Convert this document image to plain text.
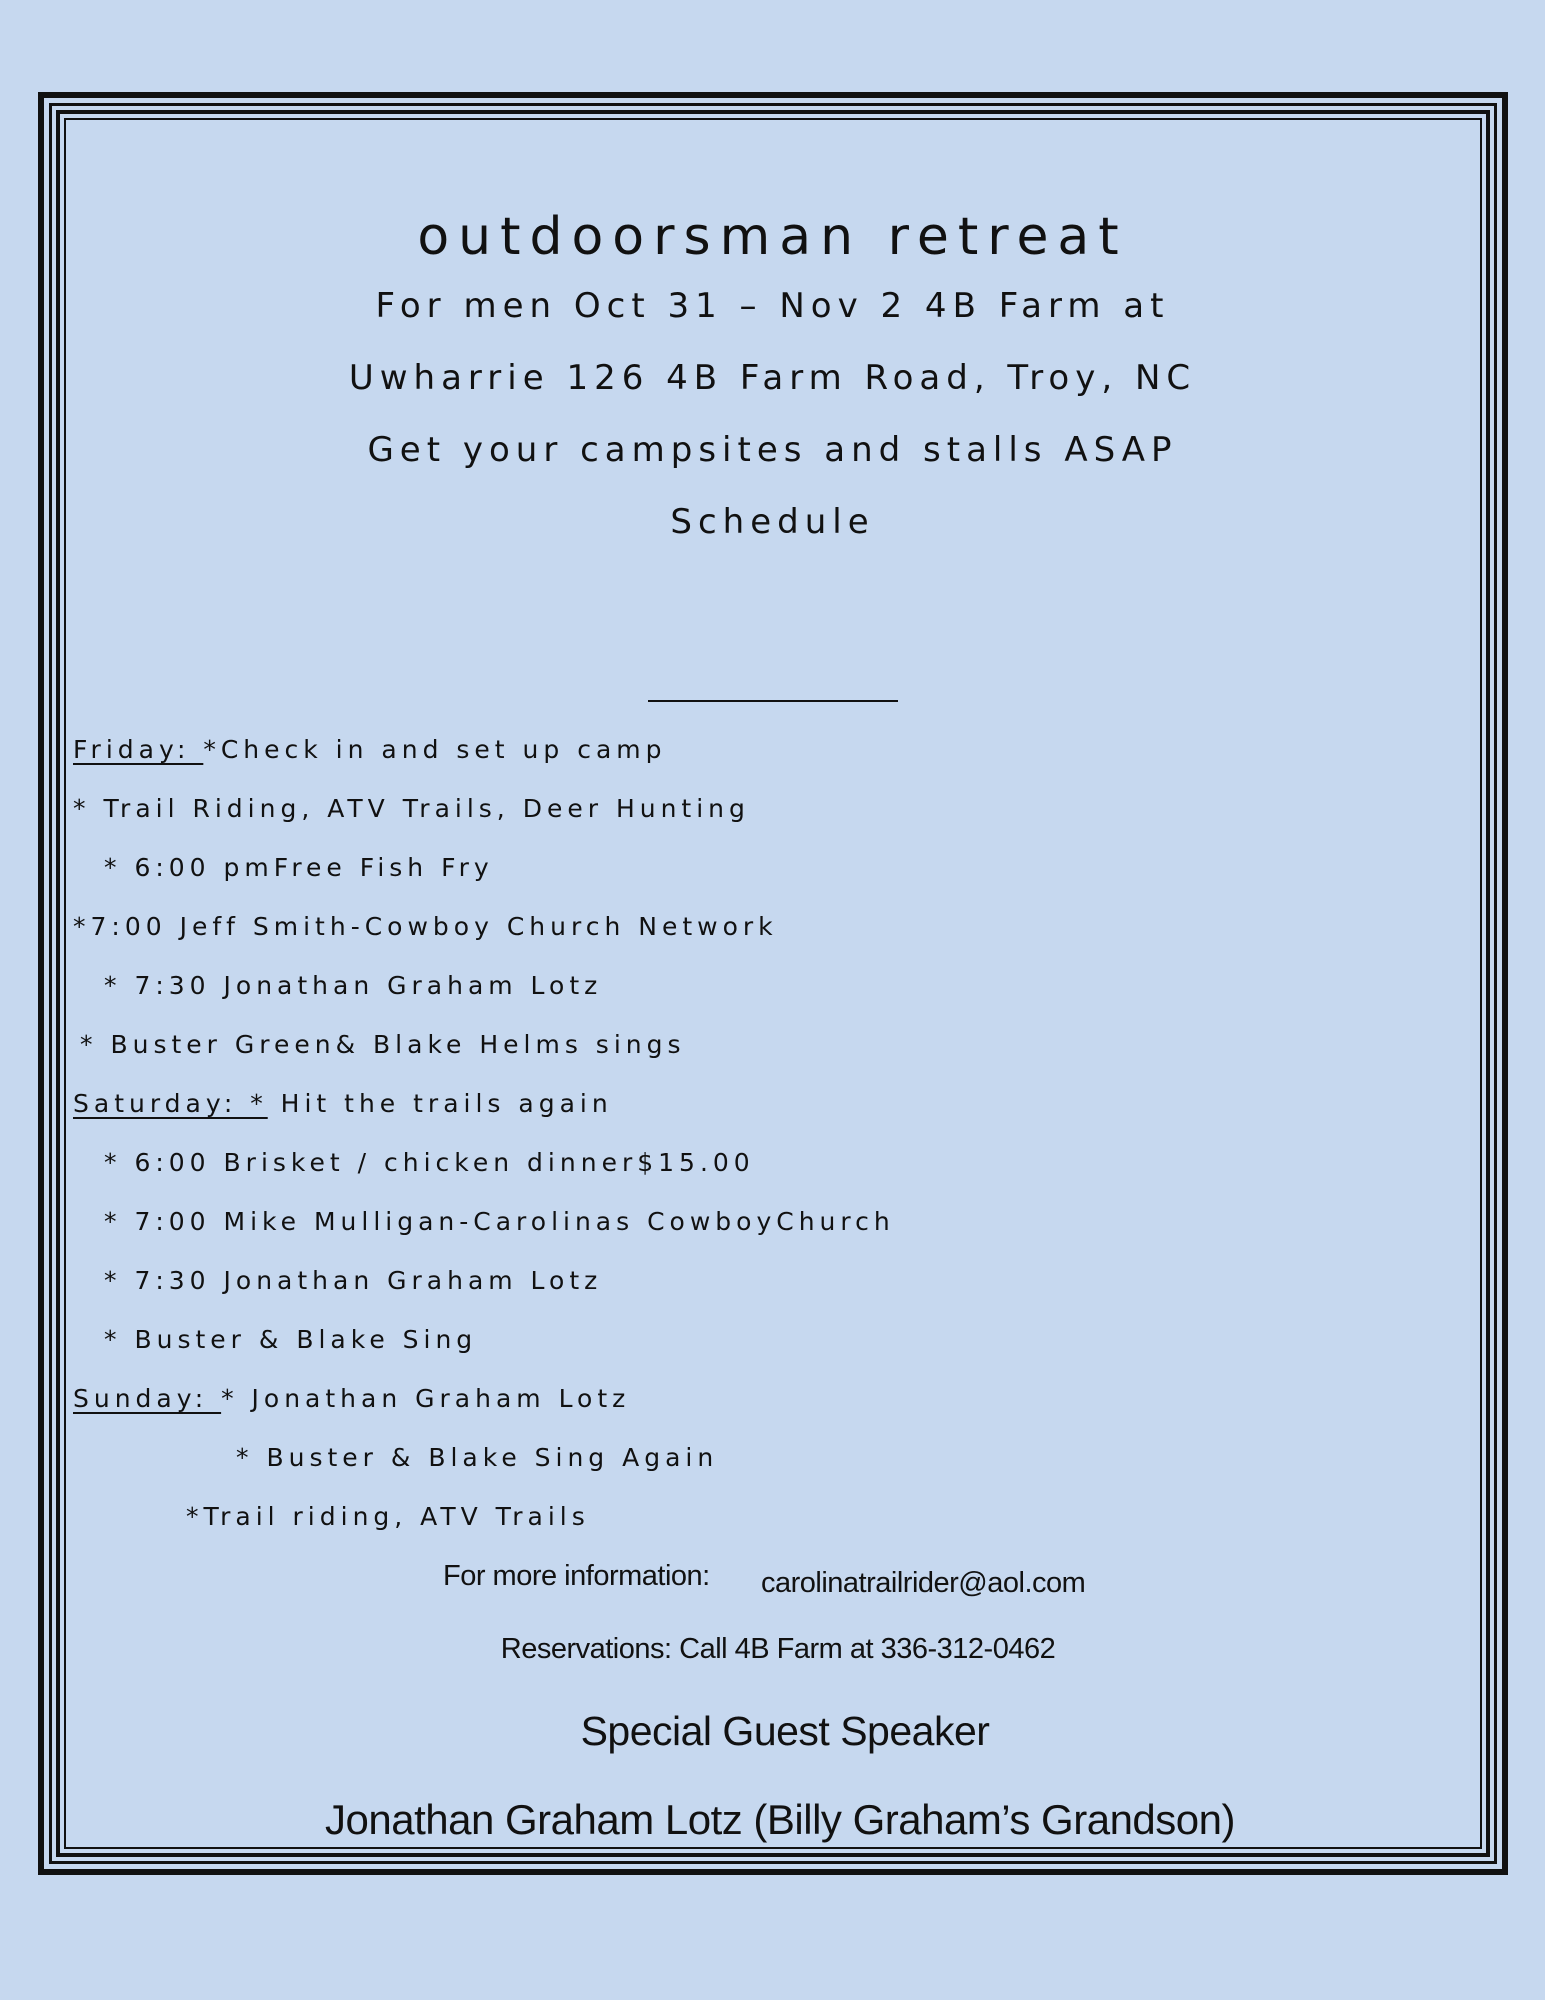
outdoorsman retreat
For men Oct 31 – Nov 2 4B Farm at
Uwharrie 126 4B Farm Road, Troy, NC
Get your campsites and stalls ASAP
Schedule
Friday: *Check in and set up camp
* Trail Riding, ATV Trails, Deer Hunting
* 6:00 pmFree Fish Fry
*7:00 Jeff Smith-Cowboy Church Network
* 7:30 Jonathan Graham Lotz
* Buster Green& Blake Helms sings
Saturday: * Hit the trails again
* 6:00 Brisket / chicken dinner$15.00
* 7:00 Mike Mulligan-Carolinas CowboyChurch
* 7:30 Jonathan Graham Lotz
* Buster & Blake Sing
Sunday: * Jonathan Graham Lotz
* Buster & Blake Sing Again
*Trail riding, ATV Trails
For more information: carolinatrailrider@aol.com
Reservations: Call 4B Farm at 336-312-0462
Special Guest Speaker
Jonathan Graham Lotz (Billy Graham’s Grandson)
